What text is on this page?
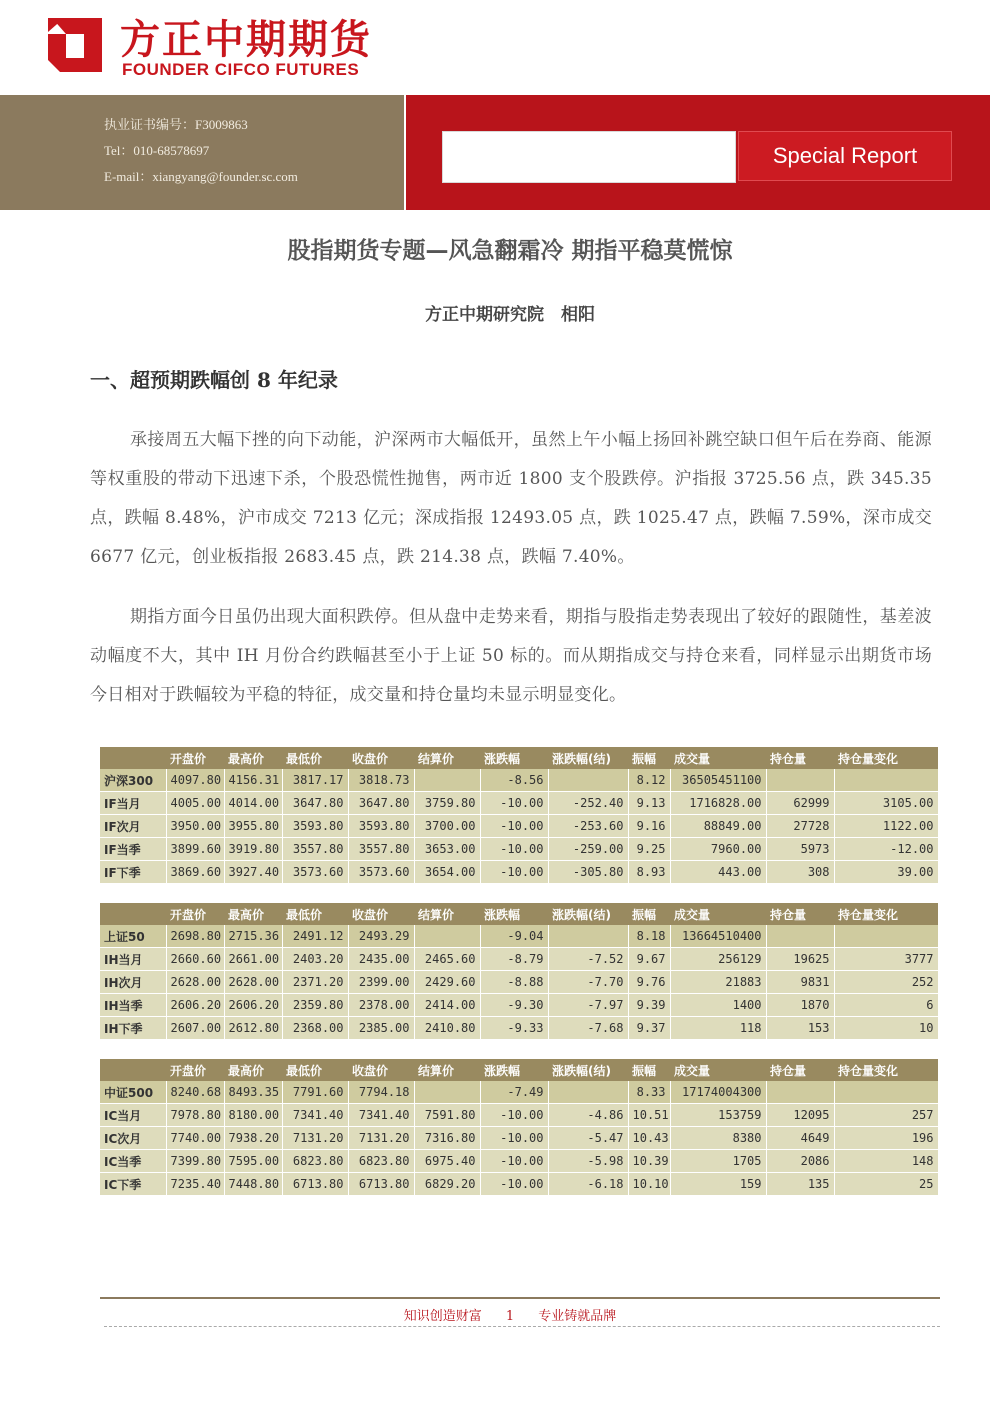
方正中期期货
FOUNDER CIFCO FUTURES
执业证书编号：F3009863
Tel：010-68578697
E-mail：xiangyang@founder.sc.com
Special Report
股指期货专题—风急翻霜冷 期指平稳莫慌惊
方正中期研究院　相阳
一、超预期跌幅创 8 年纪录
承接周五大幅下挫的向下动能，沪深两市大幅低开，虽然上午小幅上扬回补跳空缺口但午后在券商、能源等权重股的带动下迅速下杀，个股恐慌性抛售，两市近 1800 支个股跌停。沪指报 3725.56 点，跌 345.35 点，跌幅 8.48%，沪市成交 7213 亿元；深成指报 12493.05 点，跌 1025.47 点，跌幅 7.59%，深市成交 6677 亿元，创业板指报 2683.45 点，跌 214.38 点，跌幅 7.40%。
期指方面今日虽仍出现大面积跌停。但从盘中走势来看，期指与股指走势表现出了较好的跟随性，基差波动幅度不大，其中 IH 月份合约跌幅甚至小于上证 50 标的。而从期指成交与持仓来看，同样显示出期货市场今日相对于跌幅较为平稳的特征，成交量和持仓量均未显示明显变化。
	开盘价	最高价	最低价	收盘价	结算价	涨跌幅	涨跌幅(结)	振幅	成交量	持仓量	持仓量变化
沪深300	4097.80	4156.31	3817.17	3818.73		-8.56		8.12	36505451100		
IF当月	4005.00	4014.00	3647.80	3647.80	3759.80	-10.00	-252.40	9.13	1716828.00	62999	3105.00
IF次月	3950.00	3955.80	3593.80	3593.80	3700.00	-10.00	-253.60	9.16	88849.00	27728	1122.00
IF当季	3899.60	3919.80	3557.80	3557.80	3653.00	-10.00	-259.00	9.25	7960.00	5973	-12.00
IF下季	3869.60	3927.40	3573.60	3573.60	3654.00	-10.00	-305.80	8.93	443.00	308	39.00
	开盘价	最高价	最低价	收盘价	结算价	涨跌幅	涨跌幅(结)	振幅	成交量	持仓量	持仓量变化
上证50	2698.80	2715.36	2491.12	2493.29		-9.04		8.18	13664510400		
IH当月	2660.60	2661.00	2403.20	2435.00	2465.60	-8.79	-7.52	9.67	256129	19625	3777
IH次月	2628.00	2628.00	2371.20	2399.00	2429.60	-8.88	-7.70	9.76	21883	9831	252
IH当季	2606.20	2606.20	2359.80	2378.00	2414.00	-9.30	-7.97	9.39	1400	1870	6
IH下季	2607.00	2612.80	2368.00	2385.00	2410.80	-9.33	-7.68	9.37	118	153	10
	开盘价	最高价	最低价	收盘价	结算价	涨跌幅	涨跌幅(结)	振幅	成交量	持仓量	持仓量变化
中证500	8240.68	8493.35	7791.60	7794.18		-7.49		8.33	17174004300		
IC当月	7978.80	8180.00	7341.40	7341.40	7591.80	-10.00	-4.86	10.51	153759	12095	257
IC次月	7740.00	7938.20	7131.20	7131.20	7316.80	-10.00	-5.47	10.43	8380	4649	196
IC当季	7399.80	7595.00	6823.80	6823.80	6975.40	-10.00	-5.98	10.39	1705	2086	148
IC下季	7235.40	7448.80	6713.80	6713.80	6829.20	-10.00	-6.18	10.10	159	135	25
知识创造财富 1 专业铸就品牌
